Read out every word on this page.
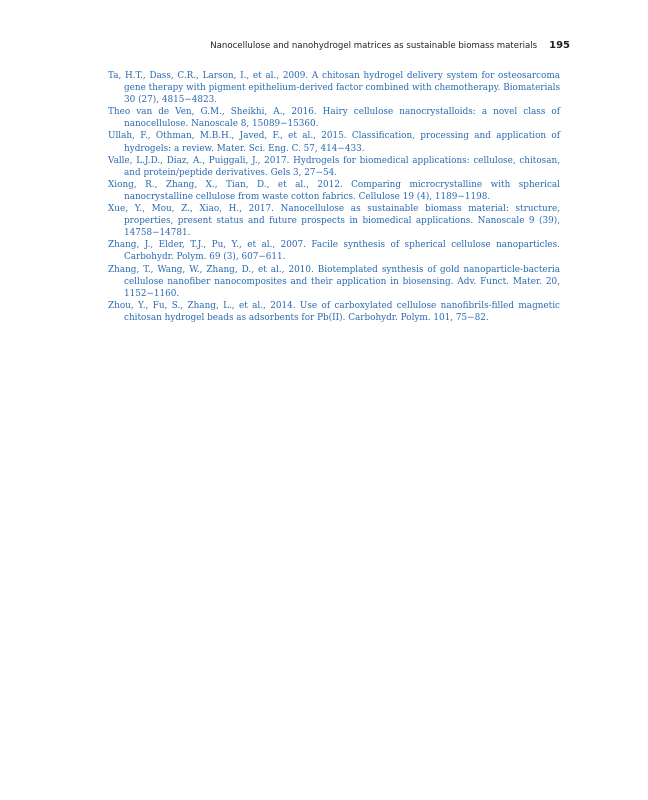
Nanocellulose and nanohydrogel matrices as sustainable biomass materials 195
Ta, H.T., Dass, C.R., Larson, I., et al., 2009. A chitosan hydrogel delivery system for osteosarcoma gene therapy with pigment epithelium-derived factor combined with chemotherapy. Biomaterials 30 (27), 4815−4823.
Theo van de Ven, G.M., Sheikhi, A., 2016. Hairy cellulose nanocrystalloids: a novel class of nanocellulose. Nanoscale 8, 15089−15360.
Ullah, F., Othman, M.B.H., Javed, F., et al., 2015. Classification, processing and application of hydrogels: a review. Mater. Sci. Eng. C. 57, 414−433.
Valle, L.J.D., Diaz, A., Puiggali, J., 2017. Hydrogels for biomedical applications: cellulose, chitosan, and protein/peptide derivatives. Gels 3, 27−54.
Xiong, R., Zhang, X., Tian, D., et al., 2012. Comparing microcrystalline with spherical nanocrystalline cellulose from waste cotton fabrics. Cellulose 19 (4), 1189−1198.
Xue, Y., Mou, Z., Xiao, H., 2017. Nanocellulose as sustainable biomass material: structure, properties, present status and future prospects in biomedical applications. Nanoscale 9 (39), 14758−14781.
Zhang, J., Elder, T.J., Pu, Y., et al., 2007. Facile synthesis of spherical cellulose nanoparticles. Carbohydr. Polym. 69 (3), 607−611.
Zhang, T., Wang, W., Zhang, D., et al., 2010. Biotemplated synthesis of gold nanoparticle-bacteria cellulose nanofiber nanocomposites and their application in biosensing. Adv. Funct. Mater. 20, 1152−1160.
Zhou, Y., Fu, S., Zhang, L., et al., 2014. Use of carboxylated cellulose nanofibrils-filled magnetic chitosan hydrogel beads as adsorbents for Pb(II). Carbohydr. Polym. 101, 75−82.
